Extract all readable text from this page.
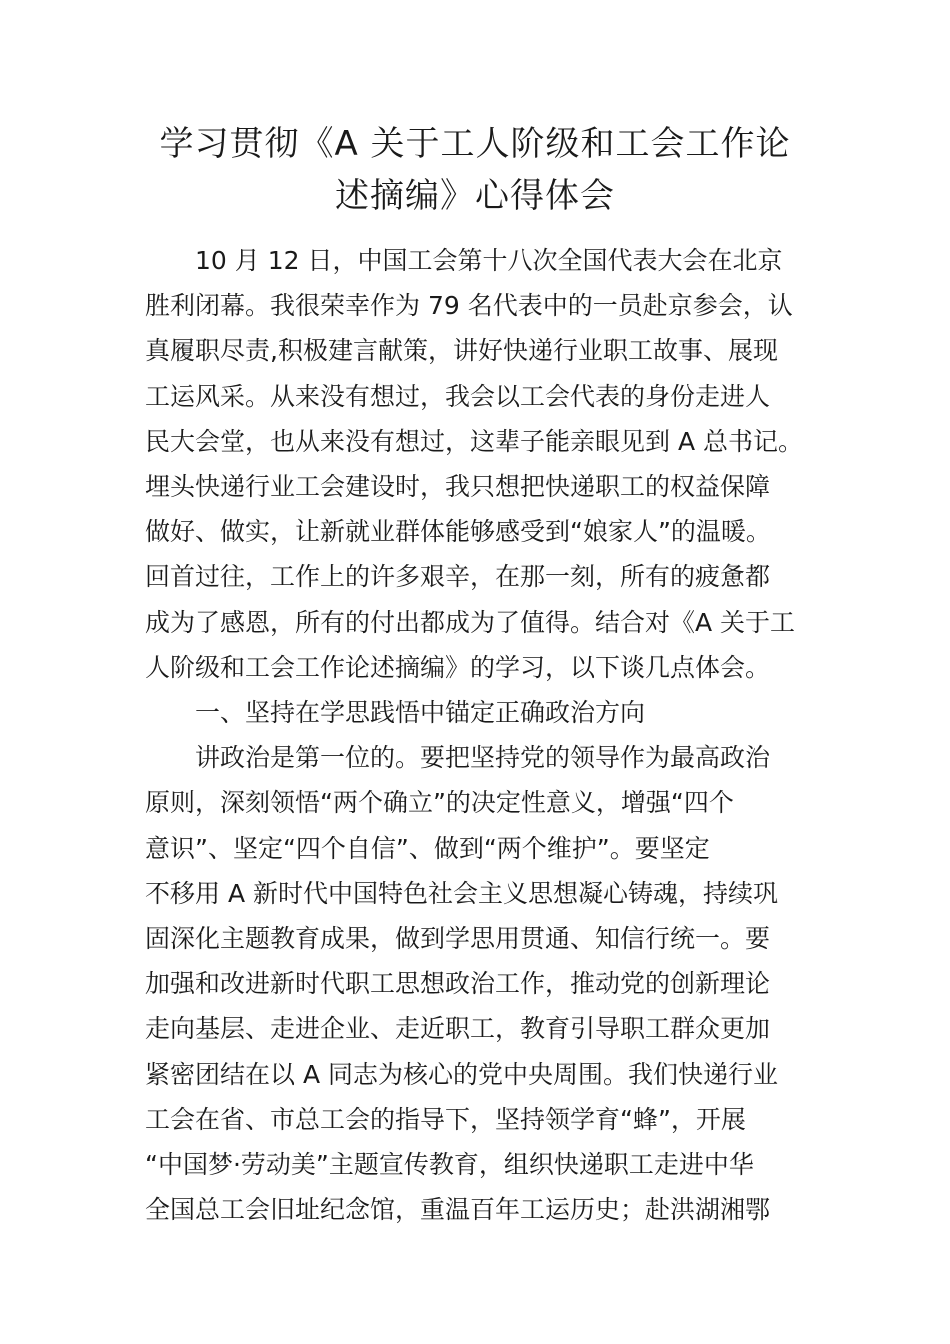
学习贯彻《A 关于工人阶级和工会工作论
述摘编》心得体会
10 月 12 日，中国工会第十八次全国代表大会在北京
胜利闭幕。我很荣幸作为 79 名代表中的一员赴京参会，认
真履职尽责,积极建言献策，讲好快递行业职工故事、展现
工运风采。从来没有想过，我会以工会代表的身份走进人
民大会堂，也从来没有想过，这辈子能亲眼见到 A 总书记。
埋头快递行业工会建设时，我只想把快递职工的权益保障
做好、做实，让新就业群体能够感受到“娘家人”的温暖。
回首过往，工作上的许多艰辛，在那一刻，所有的疲惫都
成为了感恩，所有的付出都成为了值得。结合对《A 关于工
人阶级和工会工作论述摘编》的学习，以下谈几点体会。
一、坚持在学思践悟中锚定正确政治方向
讲政治是第一位的。要把坚持党的领导作为最高政治
原则，深刻领悟“两个确立”的决定性意义，增强“四个
意识”、坚定“四个自信”、做到“两个维护”。要坚定
不移用 A 新时代中国特色社会主义思想凝心铸魂，持续巩
固深化主题教育成果，做到学思用贯通、知信行统一。要
加强和改进新时代职工思想政治工作，推动党的创新理论
走向基层、走进企业、走近职工，教育引导职工群众更加
紧密团结在以 A 同志为核心的党中央周围。我们快递行业
工会在省、市总工会的指导下，坚持领学育“蜂”，开展
“中国梦·劳动美”主题宣传教育，组织快递职工走进中华
全国总工会旧址纪念馆，重温百年工运历史；赴洪湖湘鄂
